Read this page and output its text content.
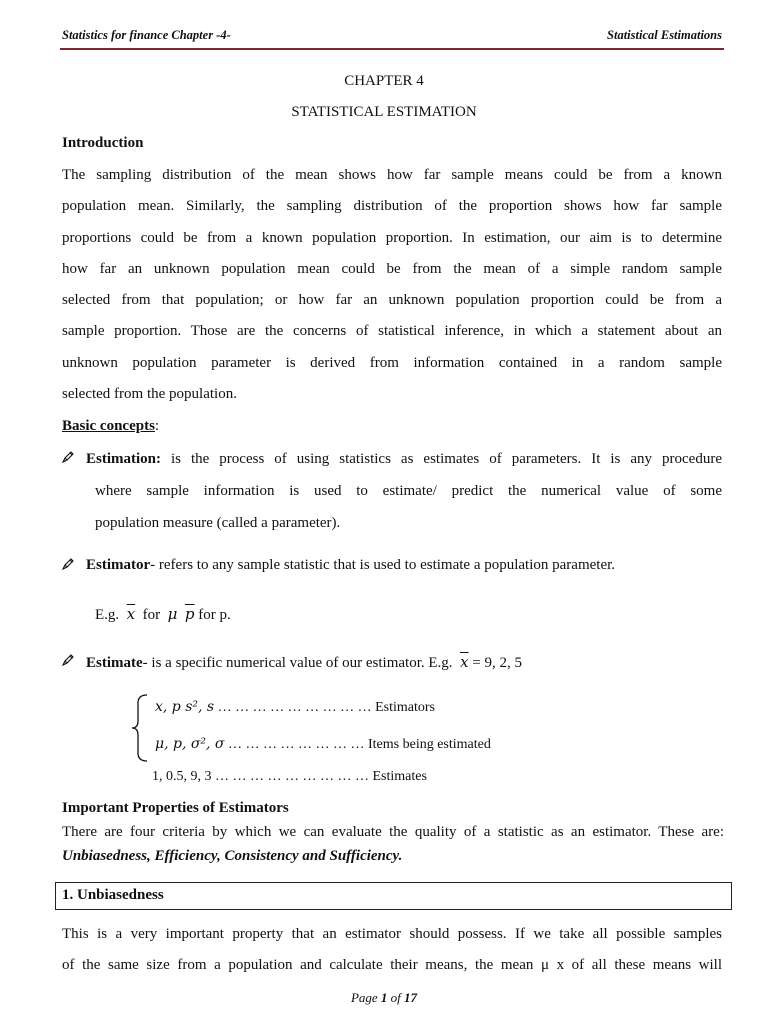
Statistics for finance Chapter -4-	Statistical Estimations
CHAPTER 4
STATISTICAL ESTIMATION
Introduction
The sampling distribution of the mean shows how far sample means could be from a known
population mean. Similarly, the sampling distribution of the proportion shows how far sample
proportions could be from a known population proportion. In estimation, our aim is to determine
how far an unknown population mean could be from the mean of a simple random sample
selected from that population; or how far an unknown population proportion could be from a
sample proportion. Those are the concerns of statistical inference, in which a statement about an
unknown population parameter is derived from information contained in a random sample
selected from the population.
Basic concepts:
Estimation: is the process of using statistics as estimates of parameters. It is any procedure
where sample information is used to estimate/ predict the numerical value of some
population measure (called a parameter).
Estimator- refers to any sample statistic that is used to estimate a population parameter.
E.g. $\overline{x}$ for μ $\overline{p}$ for p.
Estimate- is a specific numerical value of our estimator. E.g. $\overline{x} = 9$, 2, 5
x, p s², s … … … … … … … … … Estimators
μ, p, σ², σ … … … … … … … … Items being estimated
1, 0.5, 9, 3 … … … … … … … … … Estimates
Important Properties of Estimators
There are four criteria by which we can evaluate the quality of a statistic as an estimator. These are:
Unbiasedness, Efficiency, Consistency and Sufficiency.
1. Unbiasedness
This is a very important property that an estimator should possess. If we take all possible samples
of the same size from a population and calculate their means, the mean μ x of all these means will
Page 1 of 17
